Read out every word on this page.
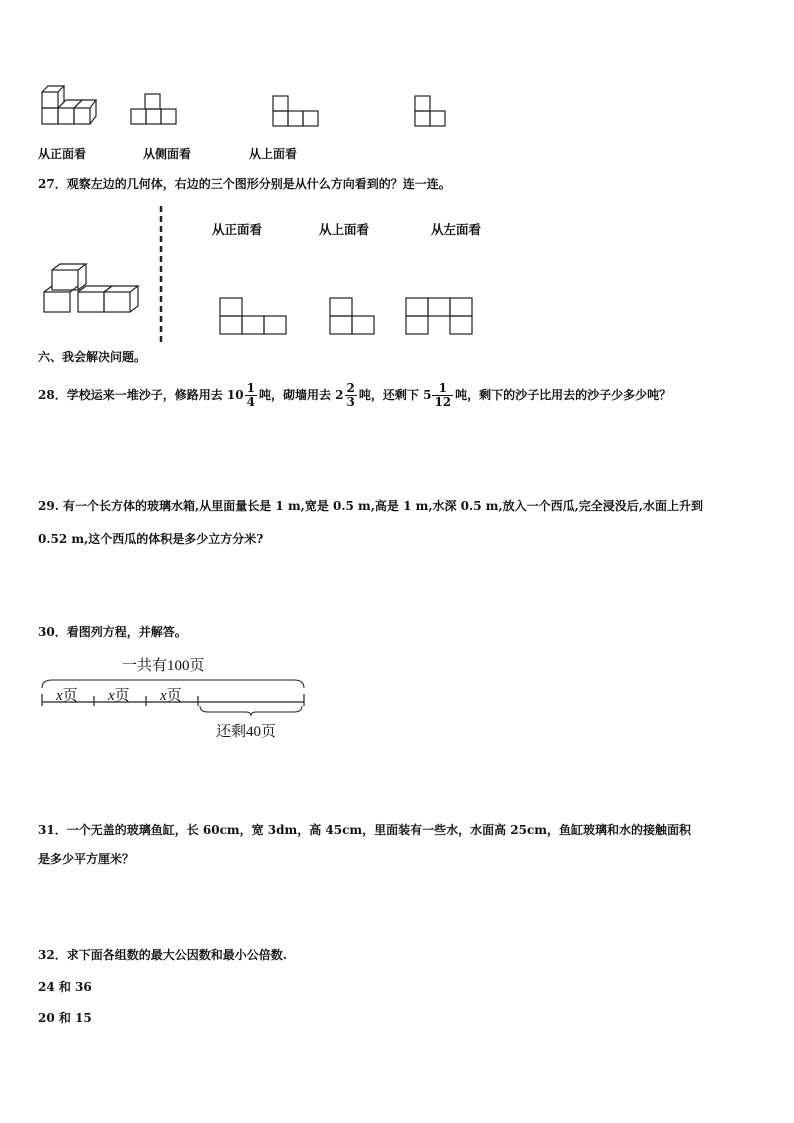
从正面看	从侧面看	从上面看
27．观察左边的几何体，右边的三个图形分别是从什么方向看到的？连一连。
从正面看	从上面看	从左面看
六、我会解决问题。
28．学校运来一堆沙子，修路用去 $10 \frac{1}{4}$ 吨，砌墙用去 $2 \frac{2}{3}$ 吨，还剩下 $5 \frac{1}{12}$ 吨，剩下的沙子比用去的沙子少多少吨？
29. 有一个长方体的玻璃水箱,从里面量长是 1 m,宽是 0.5 m,高是 1 m,水深 0.5 m,放入一个西瓜,完全浸没后,水面上升到
0.52 m,这个西瓜的体积是多少立方分米?
30．看图列方程，并解答。
一共有100页
x页 x页 x页
还剩40页
31．一个无盖的玻璃鱼缸，长 60cm，宽 3dm，高 45cm，里面装有一些水，水面高 25cm，鱼缸玻璃和水的接触面积
是多少平方厘米？
32．求下面各组数的最大公因数和最小公倍数.
24 和 36
20 和 15
